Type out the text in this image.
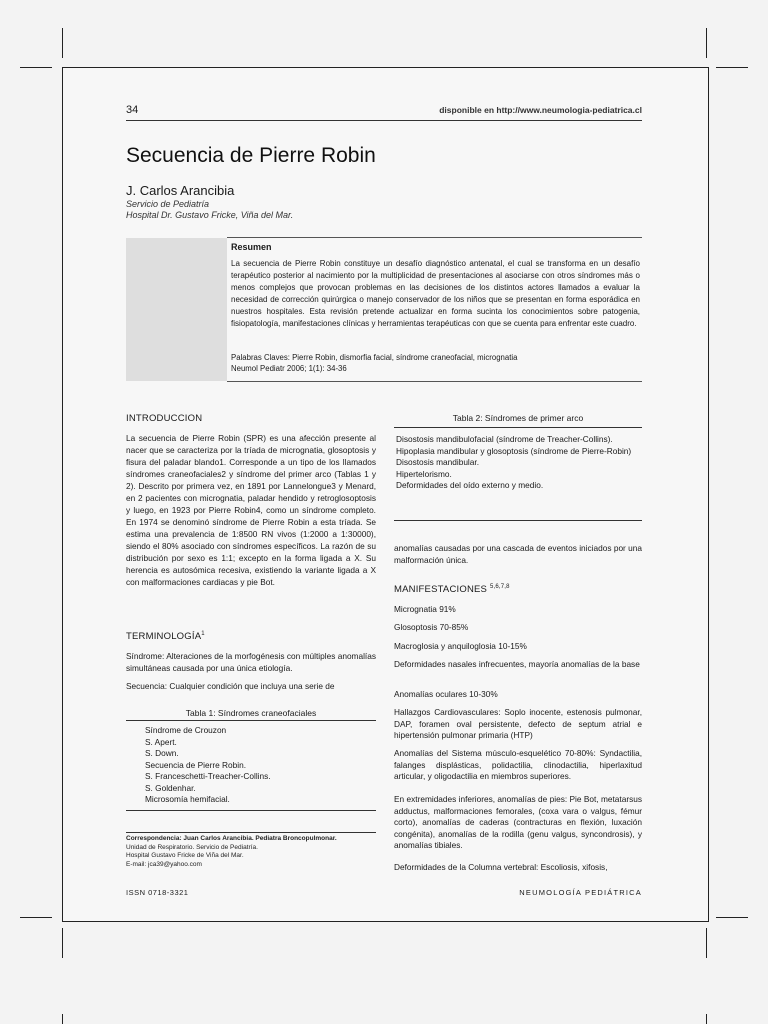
34	disponible en http://www.neumologia-pediatrica.cl
Secuencia de Pierre Robin
J. Carlos Arancibia
Servicio de Pediatría
Hospital Dr. Gustavo Fricke, Viña del Mar.
Resumen
La secuencia de Pierre Robin constituye un desafío diagnóstico antenatal, el cual se transforma en un desafío terapéutico posterior al nacimiento por la multiplicidad de presentaciones al asociarse con otros síndromes más o menos complejos que provocan problemas en las decisiones de los distintos actores llamados a evaluar la necesidad de corrección quirúrgica o manejo conservador de los niños que se presentan en forma esporádica en nuestros hospitales. Esta revisión pretende actualizar en forma sucinta los conocimientos sobre patogenia, fisiopatología, manifestaciones clínicas y herramientas terapéuticas con que se cuenta para enfrentar este cuadro.
Palabras Claves: Pierre Robin, dismorfia facial, síndrome craneofacial, micrognatia
Neumol Pediatr 2006; 1(1): 34-36
INTRODUCCION
La secuencia de Pierre Robin (SPR) es una afección presente al nacer que se caracteriza por la tríada de micrognatia, glosoptosis y fisura del paladar blando1. Corresponde a un tipo de los llamados síndromes craneofaciales2 y síndrome del primer arco (Tablas 1 y 2). Descrito por primera vez, en 1891 por Lannelongue3 y Menard, en 2 pacientes con micrognatia, paladar hendido y retroglosoptosis y luego, en 1923 por Pierre Robin4, como un síndrome completo. En 1974 se denominó síndrome de Pierre Robin a esta tríada. Se estima una prevalencia de 1:8500 RN vivos (1:2000 a 1:30000), siendo el 80% asociado con síndromes específicos. La razón de su distribución por sexo es 1:1; excepto en la forma ligada a X. Su herencia es autosómica recesiva, existiendo la variante ligada a X con malformaciones cardiacas y pie Bot.
TERMINOLOGÍA$^1$
Síndrome: Alteraciones de la morfogénesis con múltiples anomalías simultáneas causada por una única etiología.
Secuencia: Cualquier condición que incluya una serie de
Tabla 1: Síndromes craneofaciales
Síndrome de Crouzon
S. Apert.
S. Down.
Secuencia de Pierre Robin.
S. Franceschetti-Treacher-Collins.
S. Goldenhar.
Microsomía hemifacial.
Correspondencia: Juan Carlos Arancibia. Pediatra Broncopulmonar.
Unidad de Respiratorio. Servicio de Pediatría.
Hospital Gustavo Fricke de Viña del Mar.
E-mail: jca39@yahoo.com
Tabla 2: Síndromes de primer arco
Disostosis mandibulofacial (síndrome de Treacher-Collins).
Hipoplasia mandibular y glosoptosis (síndrome de Pierre-Robin)
Disostosis mandibular.
Hipertelorismo.
Deformidades del oído externo y medio.
anomalías causadas por una cascada de eventos iniciados por una malformación única.
MANIFESTACIONES $^{5,6,7,8}$
Micrognatia 91%
Glosoptosis 70-85%
Macroglosia y anquiloglosia 10-15%
Deformidades nasales infrecuentes, mayoría anomalías de la base
Anomalías oculares 10-30%
Hallazgos Cardiovasculares: Soplo inocente, estenosis pulmonar, DAP, foramen oval persistente, defecto de septum atrial e hipertensión pulmonar primaria (HTP)
Anomalías del Sistema músculo-esquelético 70-80%: Syndactilia, falanges displásticas, polidactilia, clinodactilia, hiperlaxitud articular, y oligodactilia en miembros superiores.
En extremidades inferiores, anomalías de pies: Pie Bot, metatarsus adductus, malformaciones femorales, (coxa vara o valgus, fémur corto), anomalías de caderas (contracturas en flexión, luxación congénita), anomalías de la rodilla (genu valgus, syncondrosis), y anomalías tibiales.
Deformidades de la Columna vertebral: Escoliosis, xifosis,
ISSN 0718-3321	NEUMOLOGÍA PEDIÁTRICA
